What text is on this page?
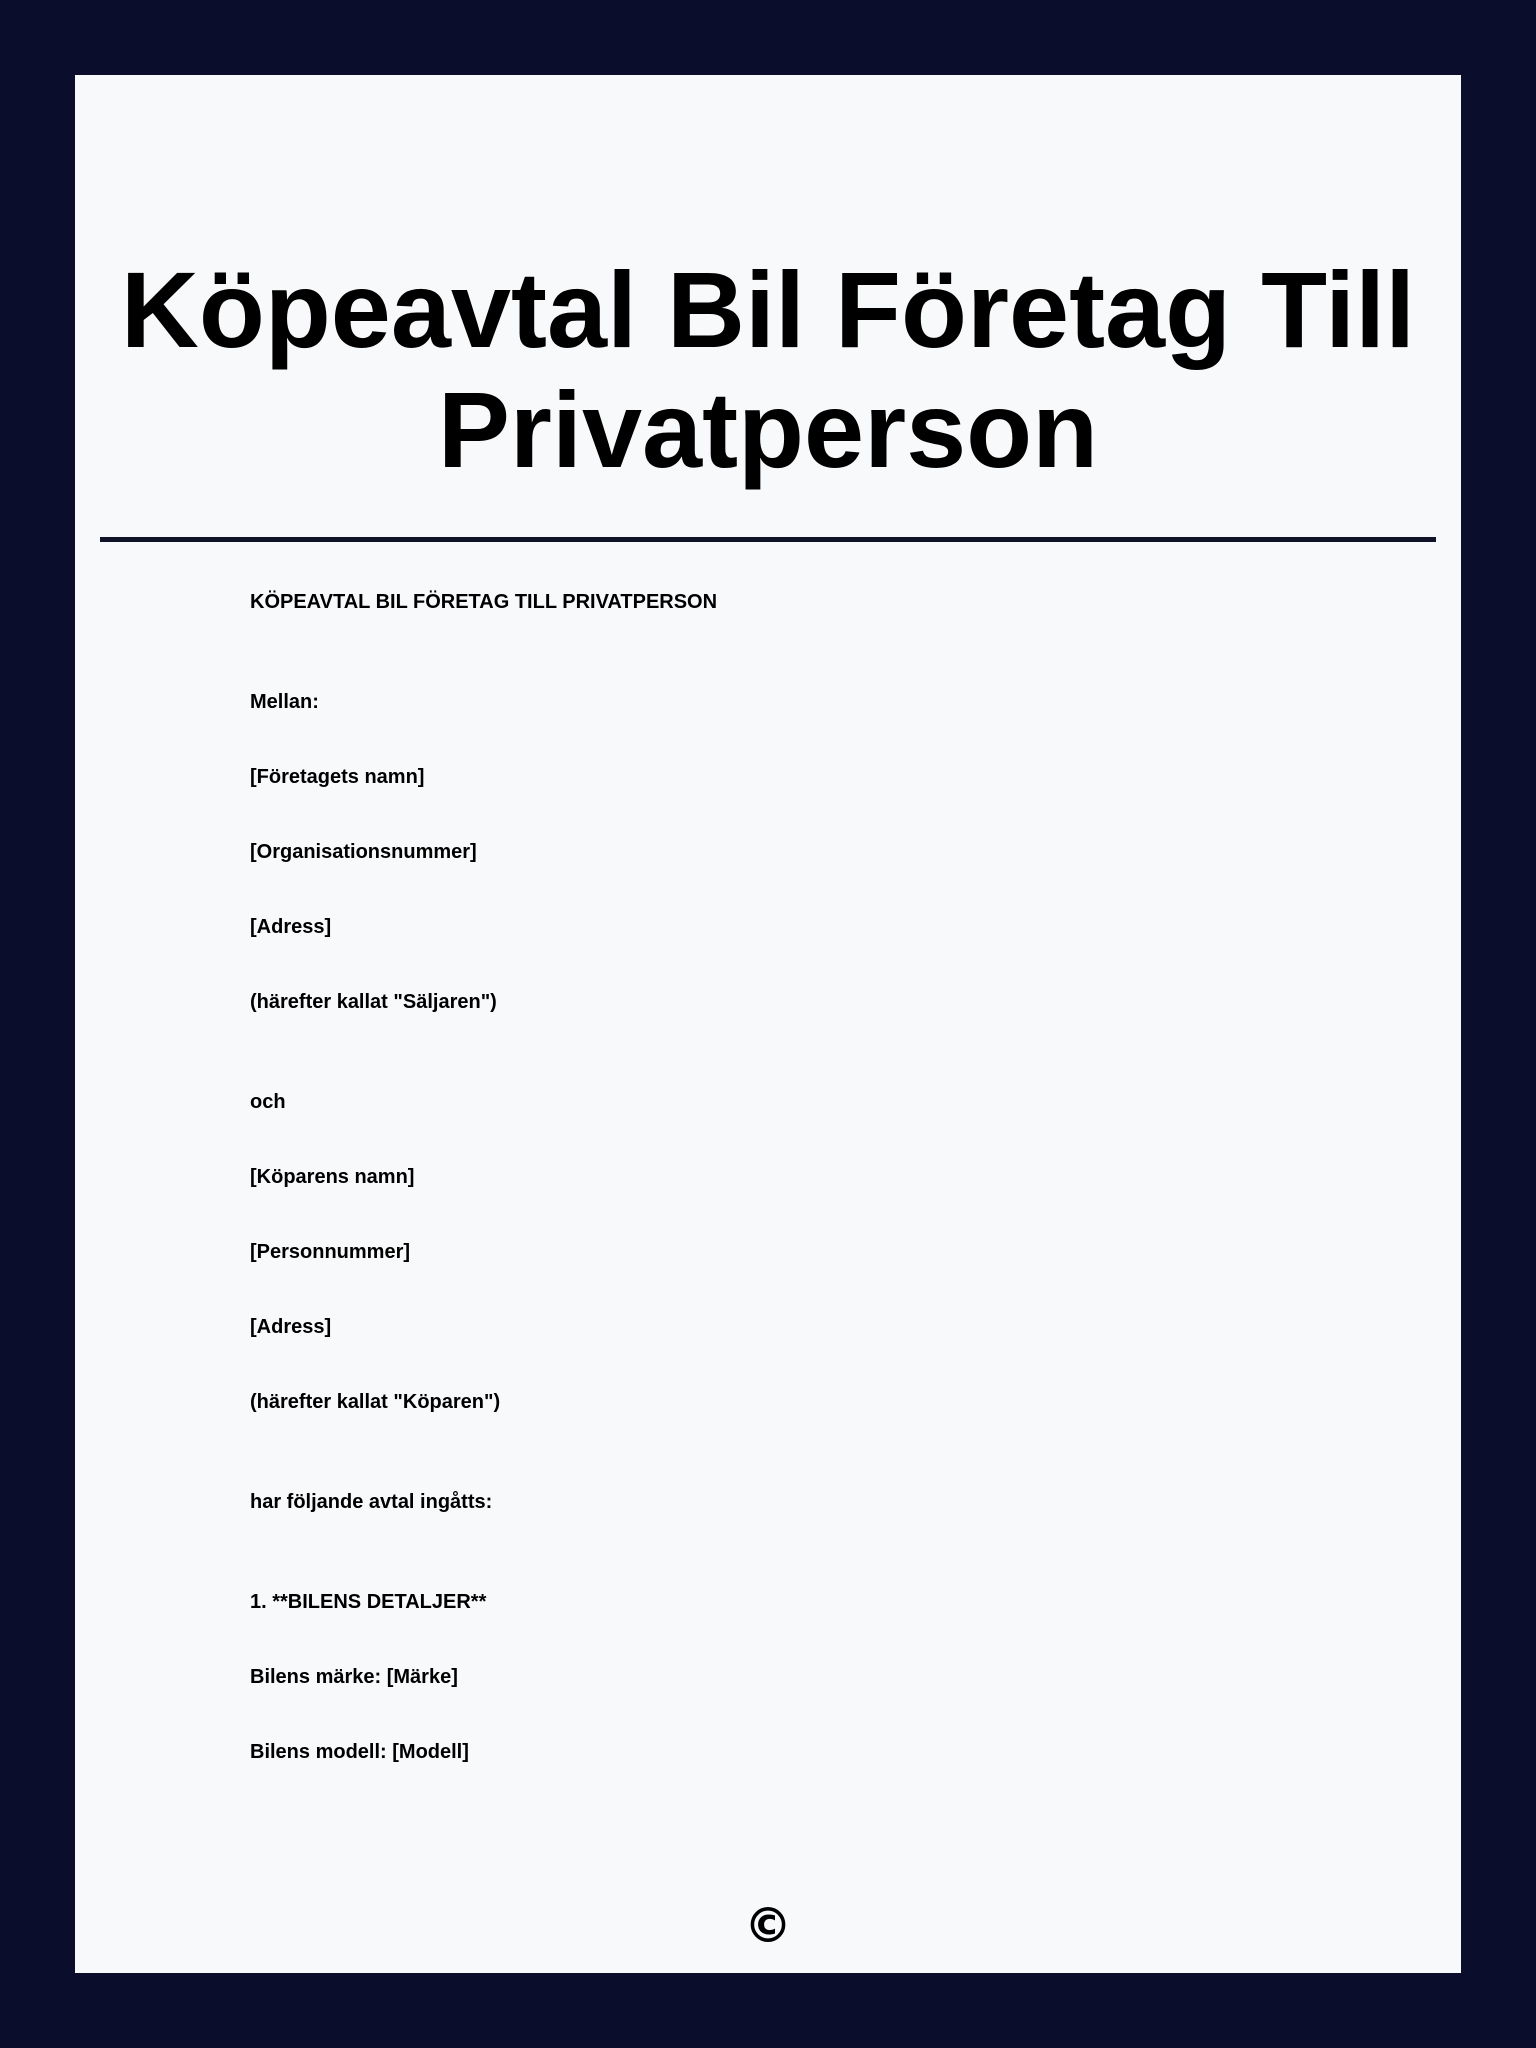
Köpeavtal Bil Företag Till Privatperson

KÖPEAVTAL BIL FÖRETAG TILL PRIVATPERSON

Mellan:

[Företagets namn]

[Organisationsnummer]

[Adress]

(härefter kallat "Säljaren")

och

[Köparens namn]

[Personnummer]

[Adress]

(härefter kallat "Köparen")

har följande avtal ingåtts:

1. **BILENS DETALJER**

Bilens märke: [Märke]

Bilens modell: [Modell]

©
